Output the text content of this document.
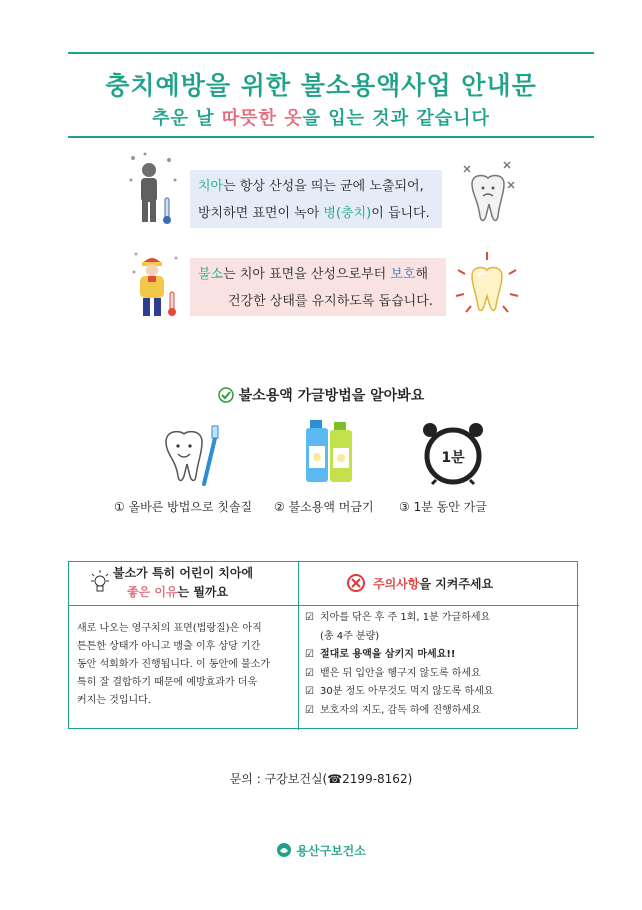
충치예방을 위한 불소용액사업 안내문
추운 날 따뜻한 옷을 입는 것과 같습니다
치아는 항상 산성을 띄는 균에 노출되어,
방치하면 표면이 녹아 병(충치)이 듭니다.
불소는 치아 표면을 산성으로부터 보호해
건강한 상태를 유지하도록 돕습니다.
불소용액 가글방법을 알아봐요
1분
① 올바른 방법으로 칫솔질 ② 불소용액 머금기 ③ 1분 동안 가글
불소가 특히 어린이 치아에
좋은 이유는 뭘까요
주의사항을 지켜주세요
새로 나오는 영구치의 표면(법랑질)은 아직
튼튼한 상태가 아니고 맹출 이후 상당 기간
동안 석회화가 진행됩니다. 이 동안에 불소가
특히 잘 결합하기 때문에 예방효과가 더욱
커지는 것입니다.
☑ 치아를 닦은 후 주 1회, 1분 가글하세요
(총 4주 분량)
☑ 절대로 용액을 삼키지 마세요!!
☑ 뱉은 뒤 입안을 헹구지 않도록 하세요
☑ 30분 정도 아무것도 먹지 않도록 하세요
☑ 보호자의 지도, 감독 하에 진행하세요
문의 : 구강보건실(☎2199-8162)
용산구보건소
